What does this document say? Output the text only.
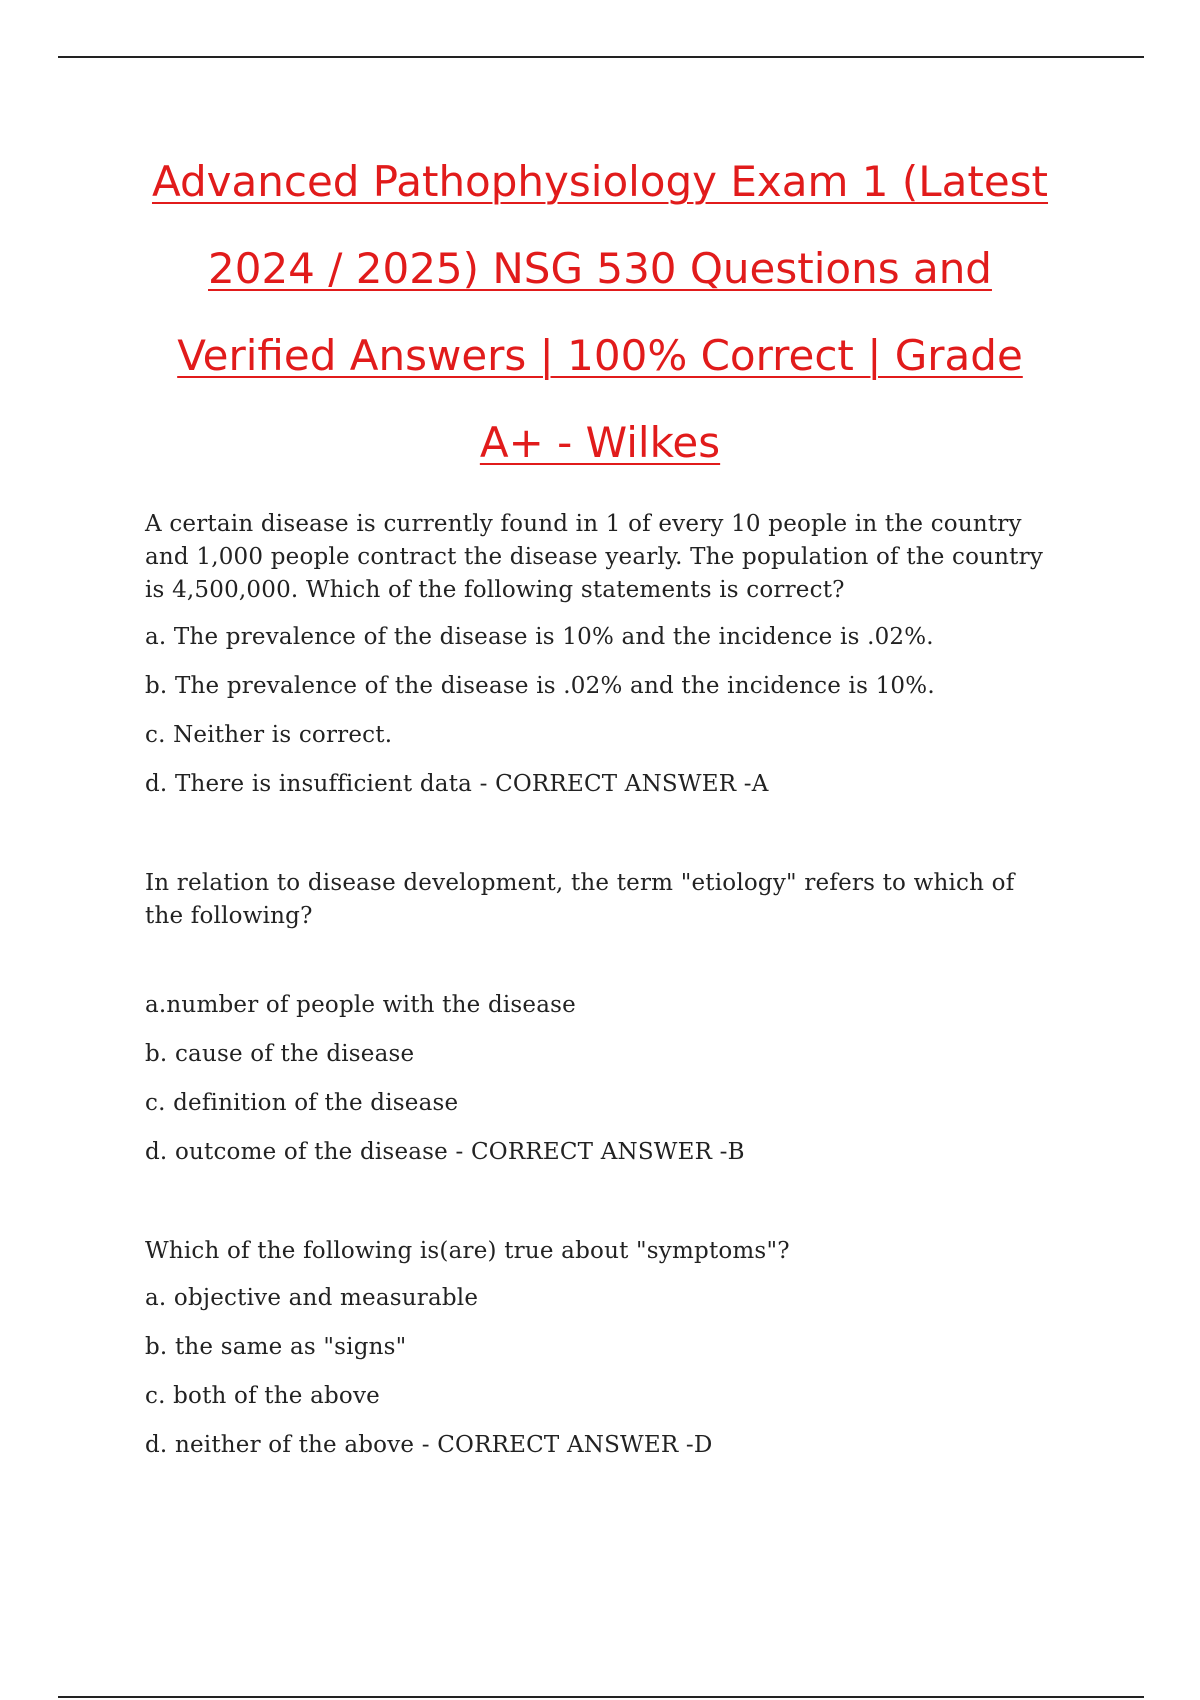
Advanced Pathophysiology Exam 1 (Latest
2024 / 2025) NSG 530 Questions and
Verified Answers | 100% Correct | Grade
A+ - Wilkes

A certain disease is currently found in 1 of every 10 people in the country and 1,000 people contract the disease yearly. The population of the country is 4,500,000. Which of the following statements is correct?

a. The prevalence of the disease is 10% and the incidence is .02%.

b. The prevalence of the disease is .02% and the incidence is 10%.

c. Neither is correct.

d. There is insufficient data - CORRECT ANSWER -A

In relation to disease development, the term "etiology" refers to which of the following?

a.number of people with the disease

b. cause of the disease

c. definition of the disease

d. outcome of the disease - CORRECT ANSWER -B

Which of the following is(are) true about "symptoms"?

a. objective and measurable

b. the same as "signs"

c. both of the above

d. neither of the above - CORRECT ANSWER -D
